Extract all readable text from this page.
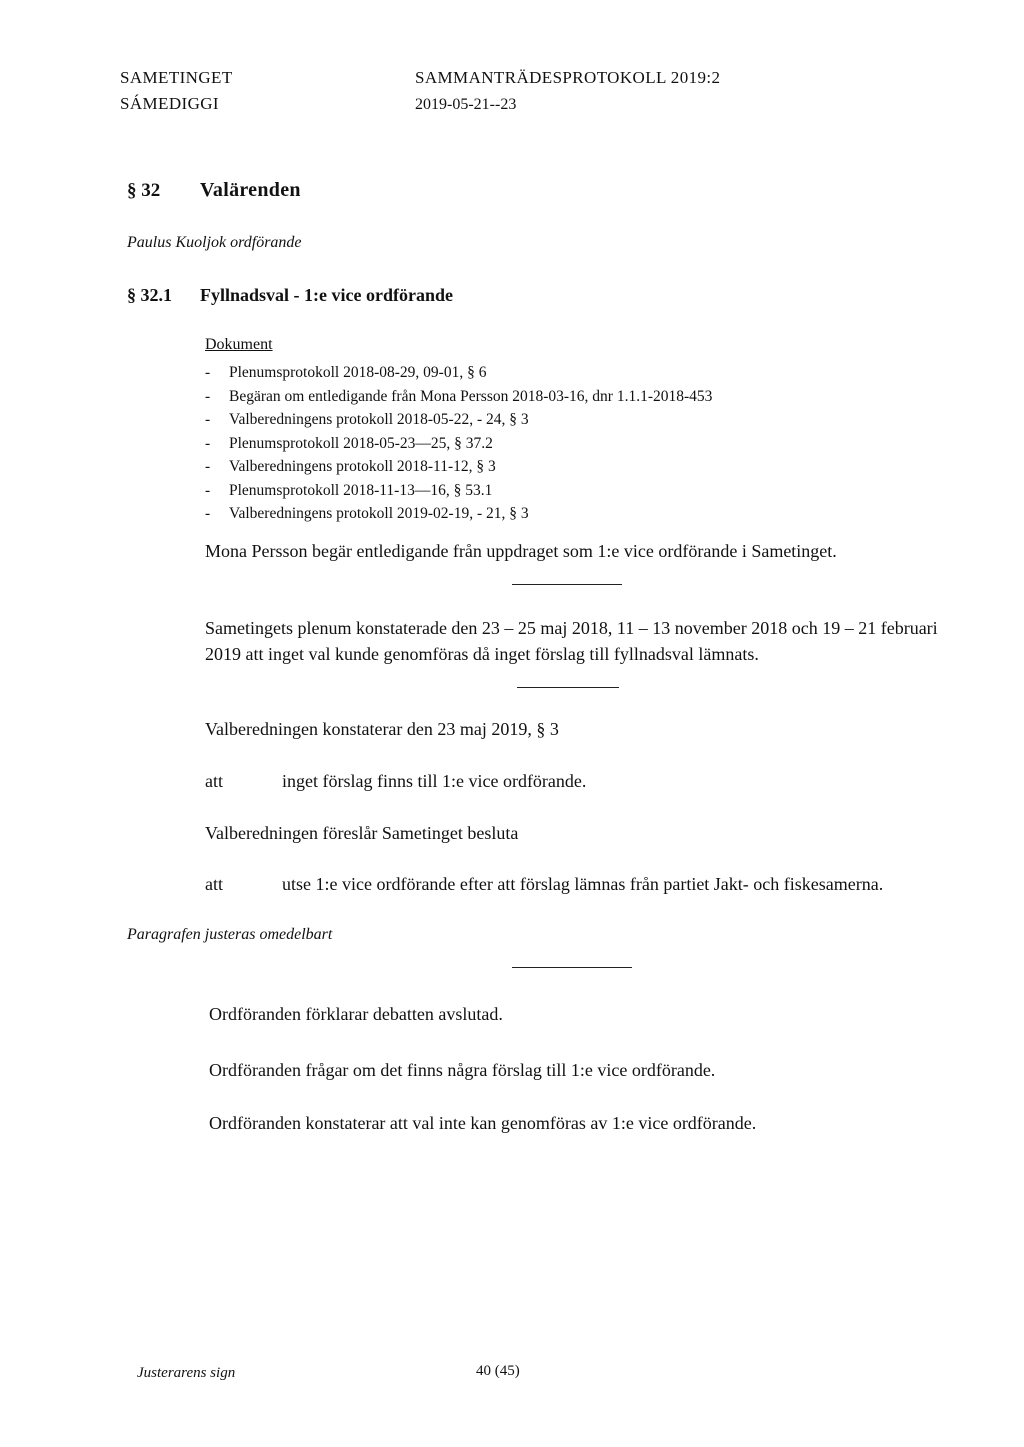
SAMETINGET
SÁMEDIGGI
SAMMANTRÄDESPROTOKOLL 2019:2
2019-05-21--23
§ 32 Valärenden
Paulus Kuoljok ordförande
§ 32.1 Fyllnadsval - 1:e vice ordförande
Dokument
- Plenumsprotokoll 2018-08-29, 09-01, § 6
- Begäran om entledigande från Mona Persson 2018-03-16, dnr 1.1.1-2018-453
- Valberedningens protokoll 2018-05-22, - 24, § 3
- Plenumsprotokoll 2018-05-23—25, § 37.2
- Valberedningens protokoll 2018-11-12, § 3
- Plenumsprotokoll 2018-11-13—16, § 53.1
- Valberedningens protokoll 2019-02-19, - 21, § 3
Mona Persson begär entledigande från uppdraget som 1:e vice ordförande i Sametinget.
Sametingets plenum konstaterade den 23 – 25 maj 2018, 11 – 13 november 2018 och 19 – 21 februari 2019 att inget val kunde genomföras då inget förslag till fyllnadsval lämnats.
Valberedningen konstaterar den 23 maj 2019, § 3
att	inget förslag finns till 1:e vice ordförande.
Valberedningen föreslår Sametinget besluta
att	utse 1:e vice ordförande efter att förslag lämnas från partiet Jakt- och fiskesamerna.
Paragrafen justeras omedelbart
Ordföranden förklarar debatten avslutad.
Ordföranden frågar om det finns några förslag till 1:e vice ordförande.
Ordföranden konstaterar att val inte kan genomföras av 1:e vice ordförande.
Justerarens sign	40 (45)
